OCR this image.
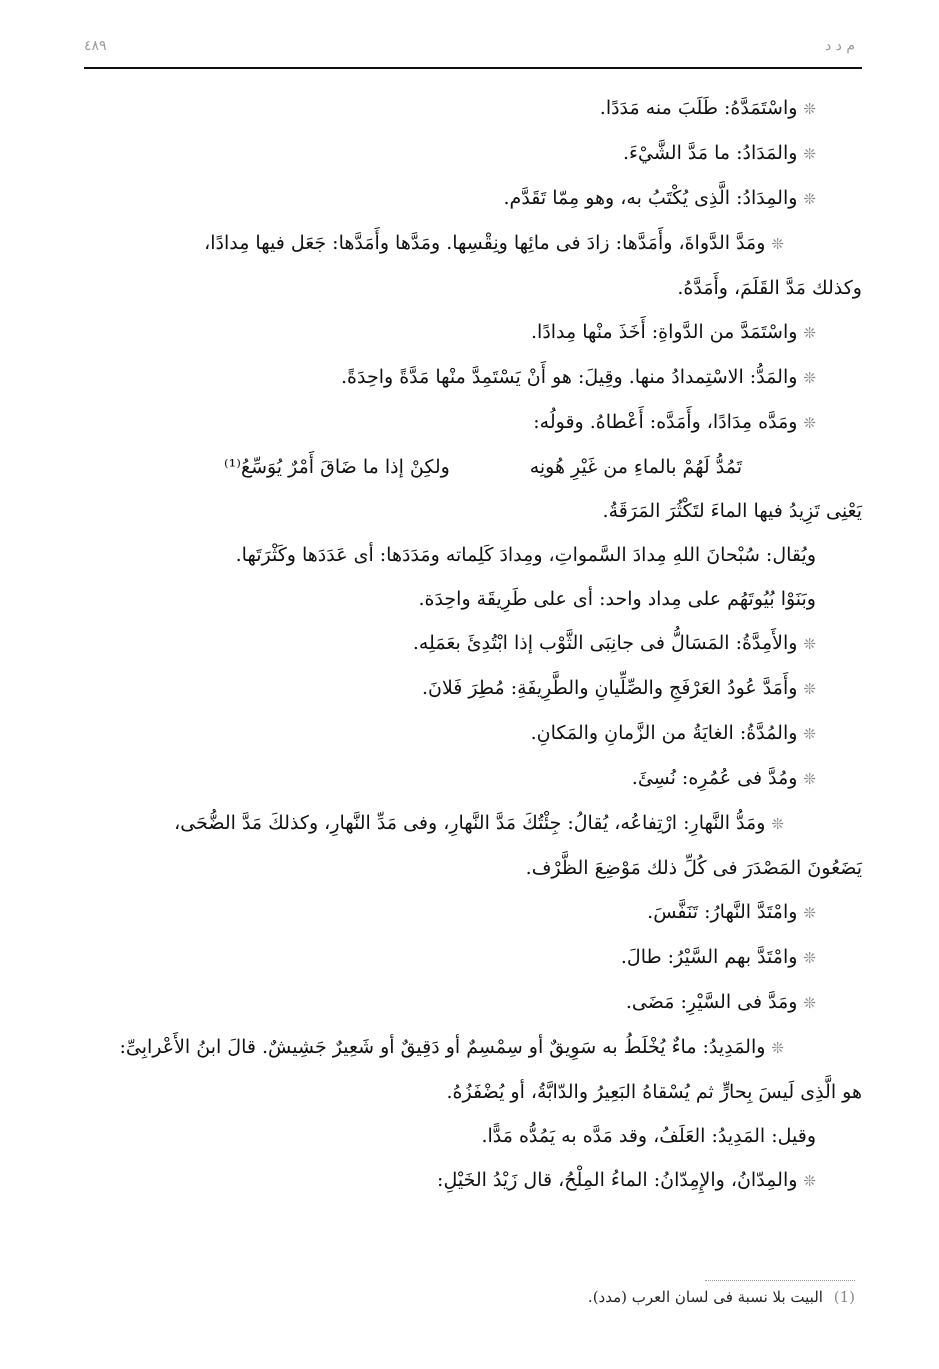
٤٨٩	م د د

❊واسْتَمَدَّهُ: طَلَبَ منه مَدَدًا.

❊والمَدَادُ: ما مَدَّ الشَّيْءَ.

❊والمِدَادُ: الَّذِى يُكْتَبُ به، وهو مِمّا تَقَدَّم.

❊ومَدَّ الدَّواةَ، وأَمَدَّها: زادَ فى مائِها ونِقْسِها. ومَدَّها وأَمَدَّها: جَعَل فيها مِدادًا،

وكذلك مَدَّ القَلَمَ، وأَمَدَّهُ.

❊واسْتَمَدَّ من الدَّواةِ: أَخَذَ منْها مِدادًا.

❊والمَدُّ: الاسْتِمدادُ منها. وقِيلَ: هو أَنْ يَسْتَمِدَّ منْها مَدَّةً واحِدَةً.

❊ومَدَّه مِدَادًا، وأَمَدَّه: أَعْطاهُ. وقولُه:

تَمُدُّ لَهُمْ بالماءِ من غَيْرِ هُونِه
ولكِنْ إذا ما ضَاقَ أَمْرٌ يُوَسِّعُ⁽¹⁾

يَعْنِى تَزِيدُ فيها الماءَ لتَكْثُرَ المَرَقَةُ.

ويُقال: سُبْحانَ اللهِ مِدادَ السَّمواتِ، ومِدادَ كَلِماته ومَدَدَها: أى عَدَدَها وكَثْرَتَها.

وبَنَوْا بُيُوتَهُم على مِداد واحد: أى على طَرِيقَة واحِدَة.

❊والأَمِدَّةُ: المَسَالُّ فى جانِبَى الثَّوْب إذا ابْتُدِئَ بعَمَلِه.

❊وأَمَدَّ عُودُ العَرْفَجِ والصِّلِّيانِ والطَّرِيفَةِ: مُطِرَ فَلانَ.

❊والمُدَّةُ: الغايَةُ من الزَّمانِ والمَكانِ.

❊ومُدَّ فى عُمُرِه: نُسِئَ.

❊ومَدُّ النَّهارِ: ارْتِفاعُه، يُقالُ: جِئْتُكَ مَدَّ النَّهارِ، وفى مَدِّ النَّهارِ، وكذلكَ مَدَّ الضُّحَى،

يَضَعُونَ المَصْدَرَ فى كُلِّ ذلك مَوْضِعَ الظَّرْف.

❊وامْتَدَّ النَّهارُ: تَنَفَّسَ.

❊وامْتَدَّ بهم السَّيْرُ: طالَ.

❊ومَدَّ فى السَّيْرِ: مَضَى.

❊والمَدِيدُ: ماءٌ يُخْلَطُ به سَوِيقٌ أو سِمْسِمٌ أو دَقِيقٌ أو شَعِيرٌ جَشِيشٌ. قالَ ابنُ الأَعْرابِىِّ:

هو الَّذِى لَيسَ بِحارٍّ ثم يُسْقاهُ البَعِيرُ والدّابَّةُ، أو يُضْفَزُهُ.

وقيل: المَدِيدُ: العَلَفُ، وقد مَدَّه به يَمُدُّه مَدًّا.

❊والمِدّانُ، والإِمِدّانُ: الماءُ المِلْحُ، قال زَيْدُ الخَيْلِ:

(1) البيت بلا نسبة فى لسان العرب (مدد).
